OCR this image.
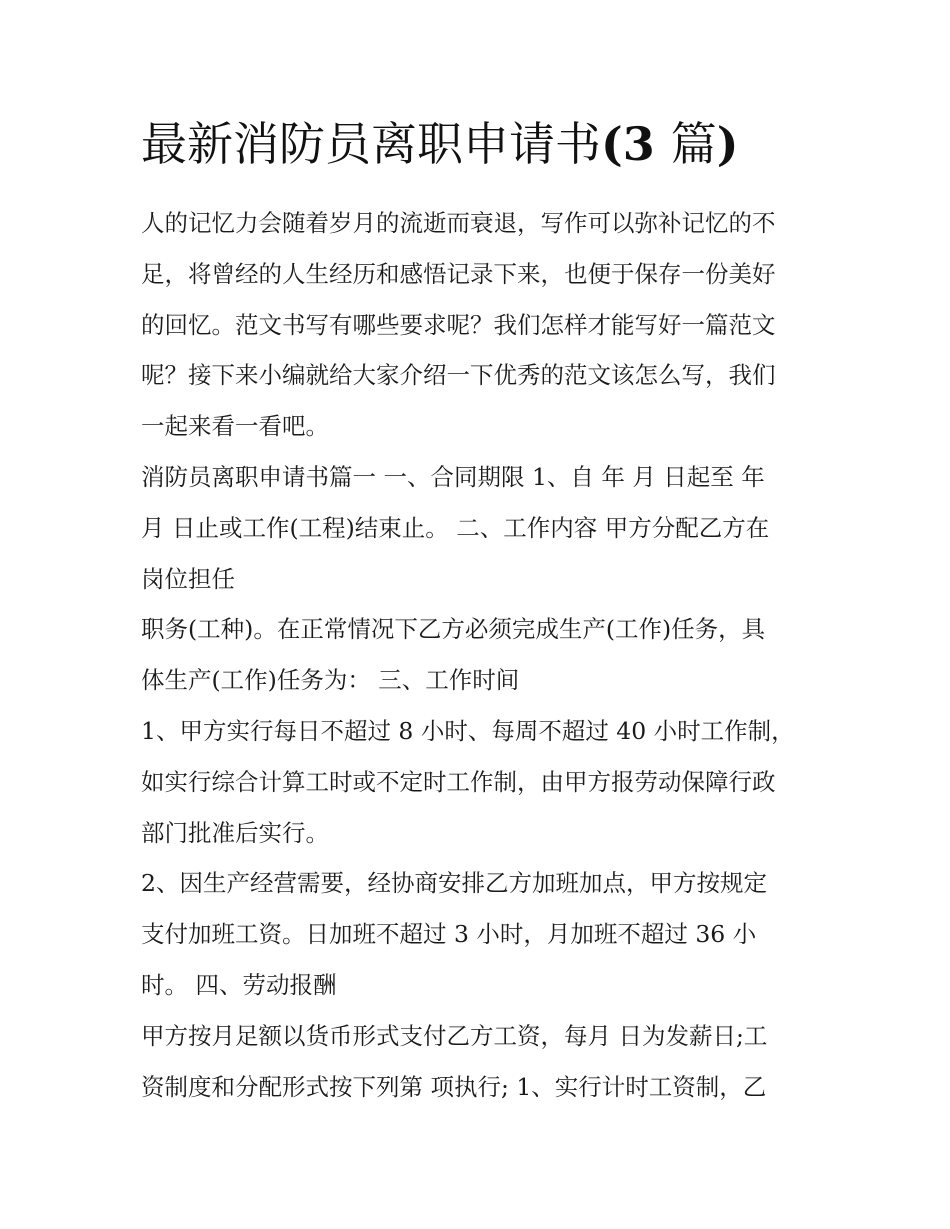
最新消防员离职申请书(3 篇)

人的记忆力会随着岁月的流逝而衰退，写作可以弥补记忆的不

足，将曾经的人生经历和感悟记录下来，也便于保存一份美好

的回忆。范文书写有哪些要求呢？我们怎样才能写好一篇范文

呢？接下来小编就给大家介绍一下优秀的范文该怎么写，我们

一起来看一看吧。

消防员离职申请书篇一 一、合同期限 1、自 年 月 日起至 年

月 日止或工作(工程)结束止。 二、工作内容 甲方分配乙方在

岗位担任

职务(工种)。在正常情况下乙方必须完成生产(工作)任务，具

体生产(工作)任务为： 三、工作时间

1、甲方实行每日不超过 8 小时、每周不超过 40 小时工作制，

如实行综合计算工时或不定时工作制，由甲方报劳动保障行政

部门批准后实行。

2、因生产经营需要，经协商安排乙方加班加点，甲方按规定

支付加班工资。日加班不超过 3 小时，月加班不超过 36 小

时。 四、劳动报酬

甲方按月足额以货币形式支付乙方工资，每月 日为发薪日;工

资制度和分配形式按下列第 项执行; 1、实行计时工资制，乙
